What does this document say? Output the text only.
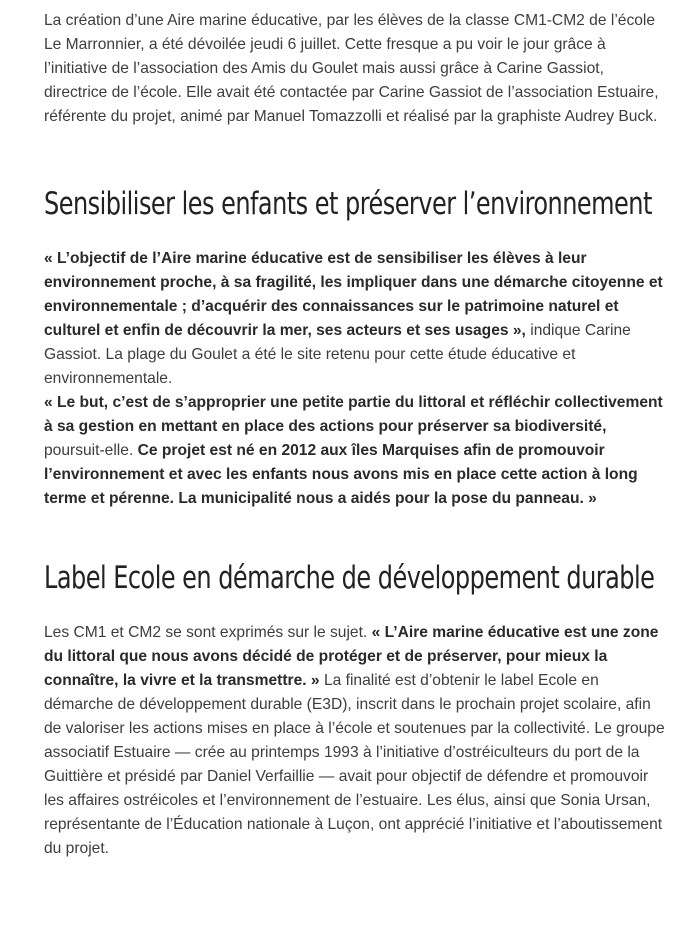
La création d’une Aire marine éducative, par les élèves de la classe CM1-CM2 de l’école Le Marronnier, a été dévoilée jeudi 6 juillet. Cette fresque a pu voir le jour grâce à l’initiative de l’association des Amis du Goulet mais aussi grâce à Carine Gassiot, directrice de l’école. Elle avait été contactée par Carine Gassiot de l’association Estuaire, référente du projet, animé par Manuel Tomazzolli et réalisé par la graphiste Audrey Buck.

Sensibiliser les enfants et préserver l’environnement

« L’objectif de l’Aire marine éducative est de sensibiliser les élèves à leur environnement proche, à sa fragilité, les impliquer dans une démarche citoyenne et environnementale ; d’acquérir des connaissances sur le patrimoine naturel et culturel et enfin de découvrir la mer, ses acteurs et ses usages », indique Carine Gassiot. La plage du Goulet a été le site retenu pour cette étude éducative et environnementale.

« Le but, c’est de s’approprier une petite partie du littoral et réfléchir collectivement à sa gestion en mettant en place des actions pour préserver sa biodiversité, poursuit-elle. Ce projet est né en 2012 aux îles Marquises afin de promouvoir l’environnement et avec les enfants nous avons mis en place cette action à long terme et pérenne. La municipalité nous a aidés pour la pose du panneau. »

Label Ecole en démarche de développement durable

Les CM1 et CM2 se sont exprimés sur le sujet. « L’Aire marine éducative est une zone du littoral que nous avons décidé de protéger et de préserver, pour mieux la connaître, la vivre et la transmettre. » La finalité est d’obtenir le label Ecole en démarche de développement durable (E3D), inscrit dans le prochain projet scolaire, afin de valoriser les actions mises en place à l’école et soutenues par la collectivité. Le groupe associatif Estuaire — crée au printemps 1993 à l’initiative d’ostréiculteurs du port de la Guittière et présidé par Daniel Verfaillie — avait pour objectif de défendre et promouvoir les affaires ostréicoles et l’environnement de l’estuaire. Les élus, ainsi que Sonia Ursan, représentante de l’Éducation nationale à Luçon, ont apprécié l’initiative et l’aboutissement du projet.
